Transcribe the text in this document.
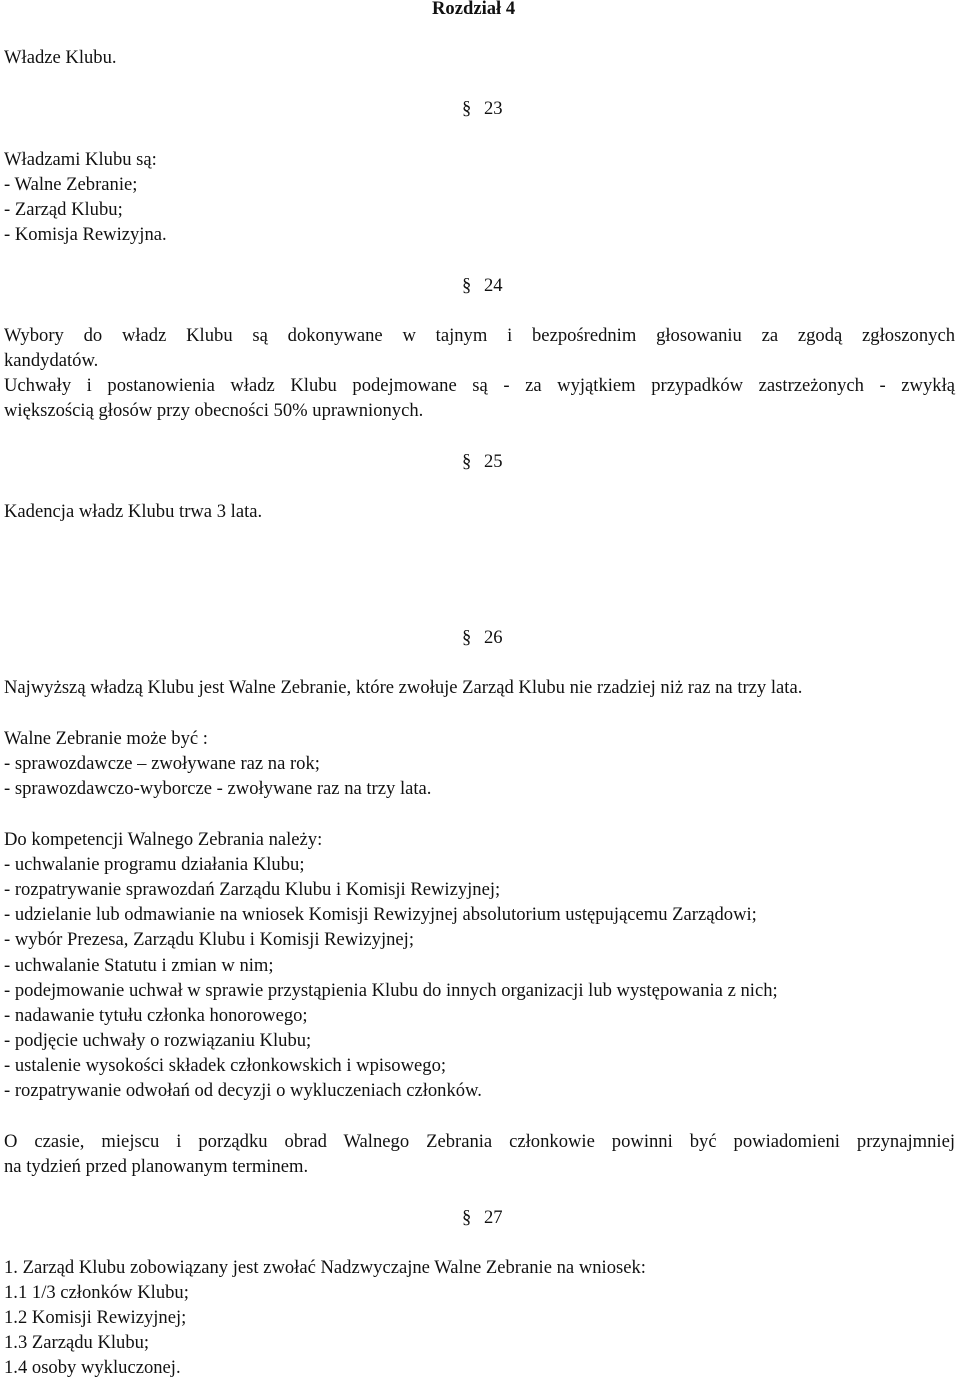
Rozdział 4
Władze Klubu.
§ 23
Władzami Klubu są:
- Walne Zebranie;
- Zarząd Klubu;
- Komisja Rewizyjna.
§ 24
Wybory do władz Klubu są dokonywane w tajnym i bezpośrednim głosowaniu za zgodą zgłoszonych
kandydatów.
Uchwały i postanowienia władz Klubu podejmowane są - za wyjątkiem przypadków zastrzeżonych - zwykłą
większością głosów przy obecności 50% uprawnionych.
§ 25
Kadencja władz Klubu trwa 3 lata.
§ 26
Najwyższą władzą Klubu jest Walne Zebranie, które zwołuje Zarząd Klubu nie rzadziej niż raz na trzy lata.
Walne Zebranie może być :
- sprawozdawcze – zwoływane raz na rok;
- sprawozdawczo-wyborcze - zwoływane raz na trzy lata.
Do kompetencji Walnego Zebrania należy:
- uchwalanie programu działania Klubu;
- rozpatrywanie sprawozdań Zarządu Klubu i Komisji Rewizyjnej;
- udzielanie lub odmawianie na wniosek Komisji Rewizyjnej absolutorium ustępującemu Zarządowi;
- wybór Prezesa, Zarządu Klubu i Komisji Rewizyjnej;
- uchwalanie Statutu i zmian w nim;
- podejmowanie uchwał w sprawie przystąpienia Klubu do innych organizacji lub występowania z nich;
- nadawanie tytułu członka honorowego;
- podjęcie uchwały o rozwiązaniu Klubu;
- ustalenie wysokości składek członkowskich i wpisowego;
- rozpatrywanie odwołań od decyzji o wykluczeniach członków.
O czasie, miejscu i porządku obrad Walnego Zebrania członkowie powinni być powiadomieni przynajmniej
na tydzień przed planowanym terminem.
§ 27
1. Zarząd Klubu zobowiązany jest zwołać Nadzwyczajne Walne Zebranie na wniosek:
1.1 1/3 członków Klubu;
1.2 Komisji Rewizyjnej;
1.3 Zarządu Klubu;
1.4 osoby wykluczonej.
